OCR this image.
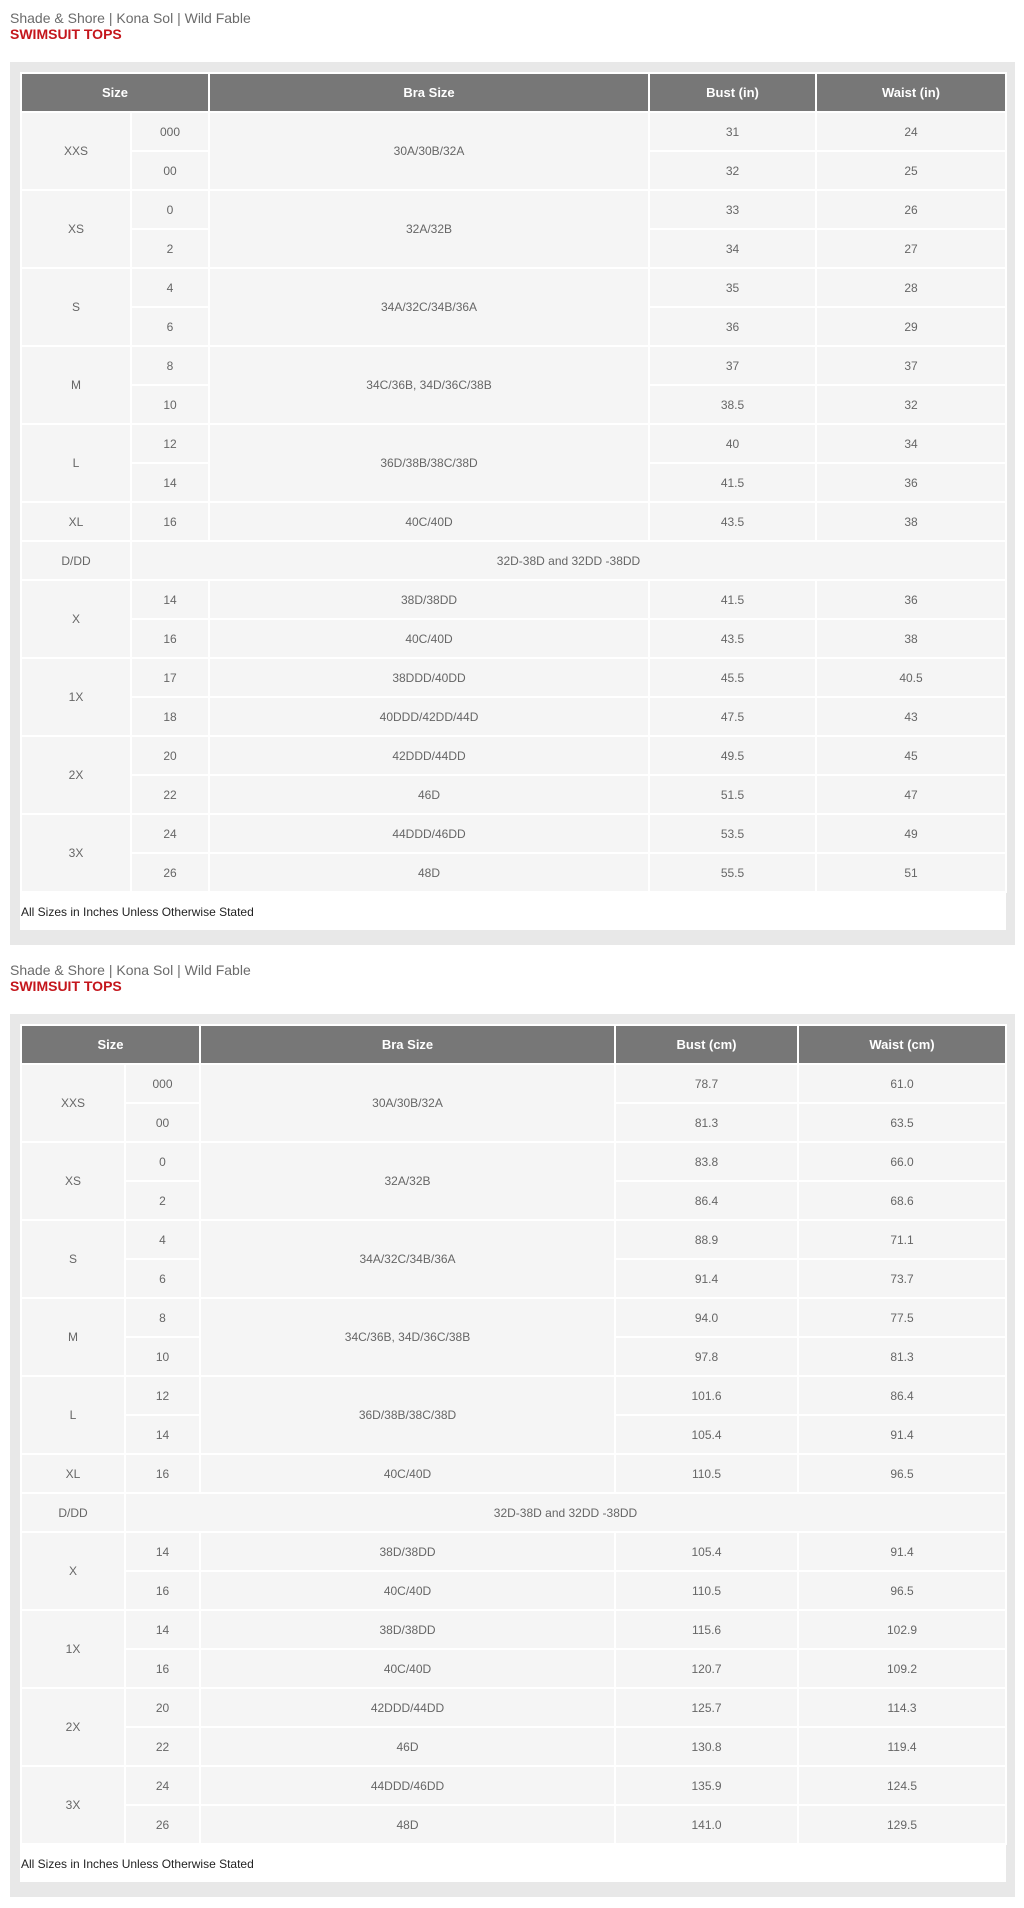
Shade & Shore | Kona Sol | Wild Fable
SWIMSUIT TOPS
Size		Bra Size	Bust (in)	Waist (in)
XXS	000	30A/30B/32A	31	24
	00		32	25
XS	0	32A/32B	33	26
	2		34	27
S	4	34A/32C/34B/36A	35	28
	6		36	29
M	8	34C/36B, 34D/36C/38B	37	37
	10		38.5	32
L	12	36D/38B/38C/38D	40	34
	14		41.5	36
XL	16	40C/40D	43.5	38
D/DD	32D-38D and 32DD -38DD			
X	14	38D/38DD	41.5	36
	16	40C/40D	43.5	38
1X	17	38DDD/40DD	45.5	40.5
	18	40DDD/42DD/44D	47.5	43
2X	20	42DDD/44DD	49.5	45
	22	46D	51.5	47
3X	24	44DDD/46DD	53.5	49
	26	48D	55.5	51
All Sizes in Inches Unless Otherwise Stated				
Shade & Shore | Kona Sol | Wild Fable
SWIMSUIT TOPS
Size		Bra Size	Bust (cm)	Waist (cm)
XXS	000	30A/30B/32A	78.7	61.0
	00		81.3	63.5
XS	0	32A/32B	83.8	66.0
	2		86.4	68.6
S	4	34A/32C/34B/36A	88.9	71.1
	6		91.4	73.7
M	8	34C/36B, 34D/36C/38B	94.0	77.5
	10		97.8	81.3
L	12	36D/38B/38C/38D	101.6	86.4
	14		105.4	91.4
XL	16	40C/40D	110.5	96.5
D/DD	32D-38D and 32DD -38DD			
X	14	38D/38DD	105.4	91.4
	16	40C/40D	110.5	96.5
1X	14	38D/38DD	115.6	102.9
	16	40C/40D	120.7	109.2
2X	20	42DDD/44DD	125.7	114.3
	22	46D	130.8	119.4
3X	24	44DDD/46DD	135.9	124.5
	26	48D	141.0	129.5
All Sizes in Inches Unless Otherwise Stated				
